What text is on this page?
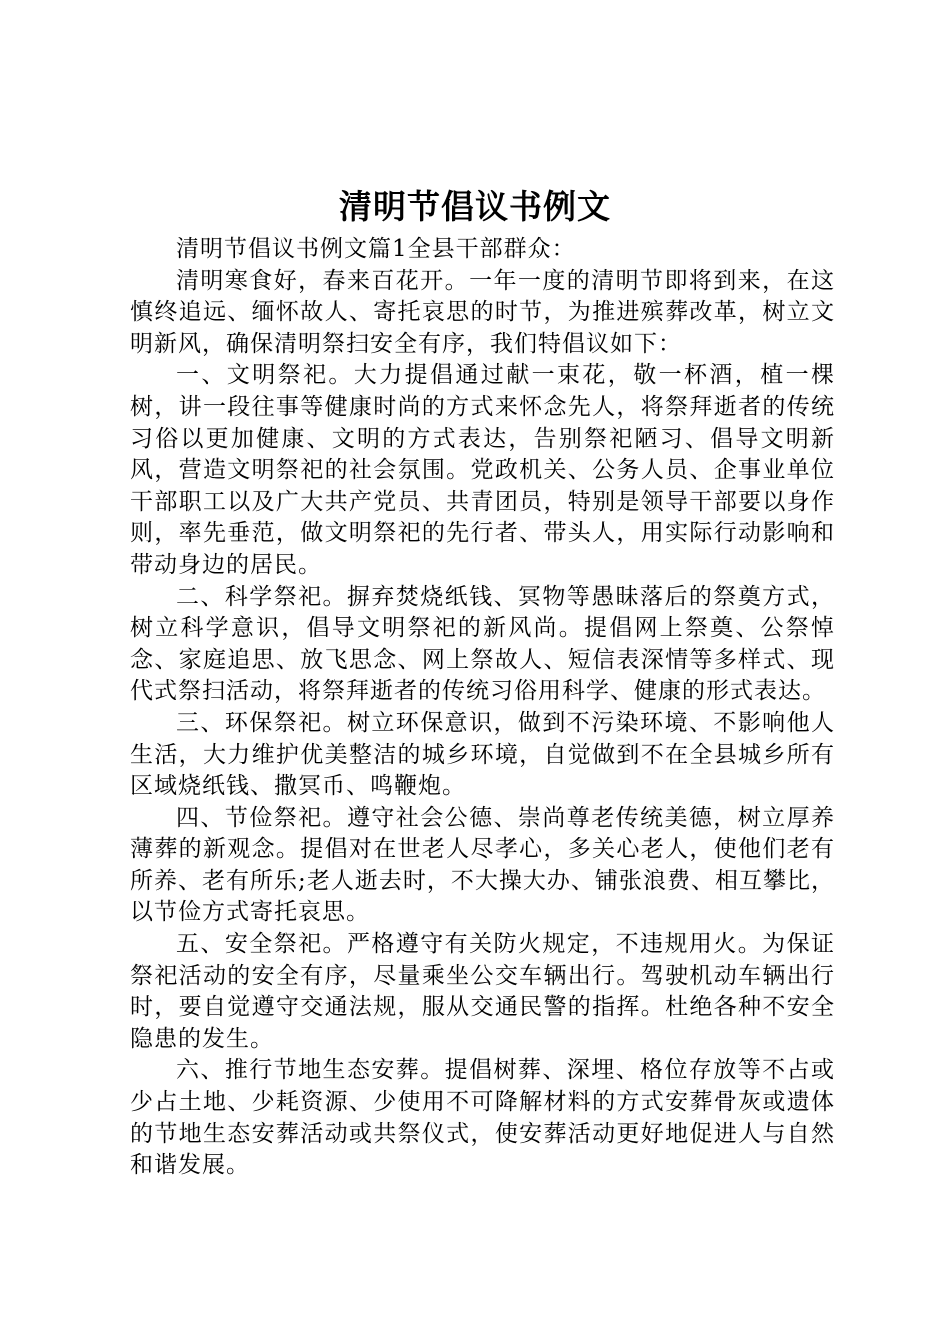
清明节倡议书例文

清明节倡议书例文篇1全县干部群众：

清明寒食好，春来百花开。一年一度的清明节即将到来，在这慎终追远、缅怀故人、寄托哀思的时节，为推进殡葬改革，树立文明新风，确保清明祭扫安全有序，我们特倡议如下：

一、文明祭祀。大力提倡通过献一束花，敬一杯酒，植一棵树，讲一段往事等健康时尚的方式来怀念先人，将祭拜逝者的传统习俗以更加健康、文明的方式表达，告别祭祀陋习、倡导文明新风，营造文明祭祀的社会氛围。党政机关、公务人员、企事业单位干部职工以及广大共产党员、共青团员，特别是领导干部要以身作则，率先垂范，做文明祭祀的先行者、带头人，用实际行动影响和带动身边的居民。

二、科学祭祀。摒弃焚烧纸钱、冥物等愚昧落后的祭奠方式，树立科学意识，倡导文明祭祀的新风尚。提倡网上祭奠、公祭悼念、家庭追思、放飞思念、网上祭故人、短信表深情等多样式、现代式祭扫活动，将祭拜逝者的传统习俗用科学、健康的形式表达。

三、环保祭祀。树立环保意识，做到不污染环境、不影响他人生活，大力维护优美整洁的城乡环境，自觉做到不在全县城乡所有区域烧纸钱、撒冥币、鸣鞭炮。

四、节俭祭祀。遵守社会公德、崇尚尊老传统美德，树立厚养薄葬的新观念。提倡对在世老人尽孝心，多关心老人，使他们老有所养、老有所乐;老人逝去时，不大操大办、铺张浪费、相互攀比，以节俭方式寄托哀思。

五、安全祭祀。严格遵守有关防火规定，不违规用火。为保证祭祀活动的安全有序，尽量乘坐公交车辆出行。驾驶机动车辆出行时，要自觉遵守交通法规，服从交通民警的指挥。杜绝各种不安全隐患的发生。

六、推行节地生态安葬。提倡树葬、深埋、格位存放等不占或少占土地、少耗资源、少使用不可降解材料的方式安葬骨灰或遗体的节地生态安葬活动或共祭仪式，使安葬活动更好地促进人与自然和谐发展。
